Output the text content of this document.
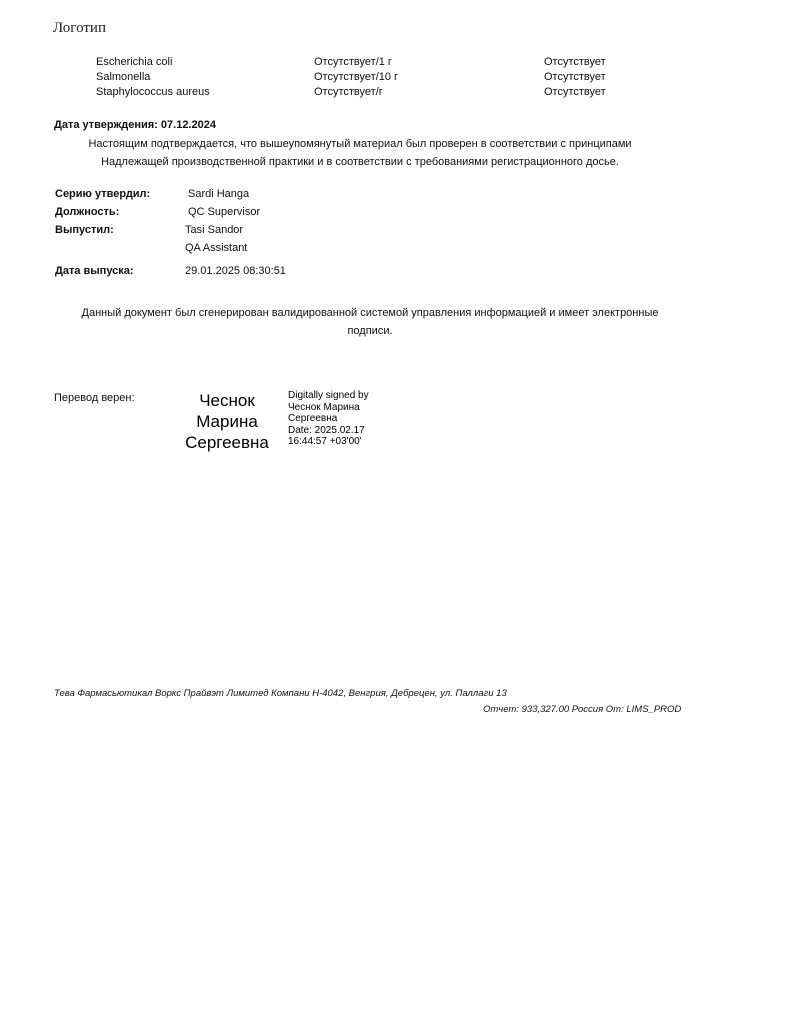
Логотип
Escherichia coli	Отсутствует/1 г	Отсутствует
Salmonella	Отсутствует/10 г	Отсутствует
Staphylococcus aureus	Отсутствует/г	Отсутствует
Дата утверждения: 07.12.2024
Настоящим подтверждается, что вышеупомянутый материал был проверен в соответствии с принципами
Надлежащей производственной практики и в соответствии с требованиями регистрационного досье.
Серию утвердил:	Sardi Hanga
Должность:	QC Supervisor
Выпустил:	Tasi Sandor
QA Assistant
Дата выпуска:	29.01.2025 08:30:51
Данный документ был сгенерирован валидированной системой управления информацией и имеет электронные
подписи.
Перевод верен:	Чеснок
Марина
Сергеевна
Digitally signed by
Чеснок Марина
Сергеевна
Date: 2025.02.17
16:44:57 +03'00'
Тева Фармасьютикал Воркс Прайвэт Лимитед Компани Н-4042, Венгрия, Дебрецен, ул. Паллаги 13
Отчет: 933,327.00 Россия От: LIMS_PROD
